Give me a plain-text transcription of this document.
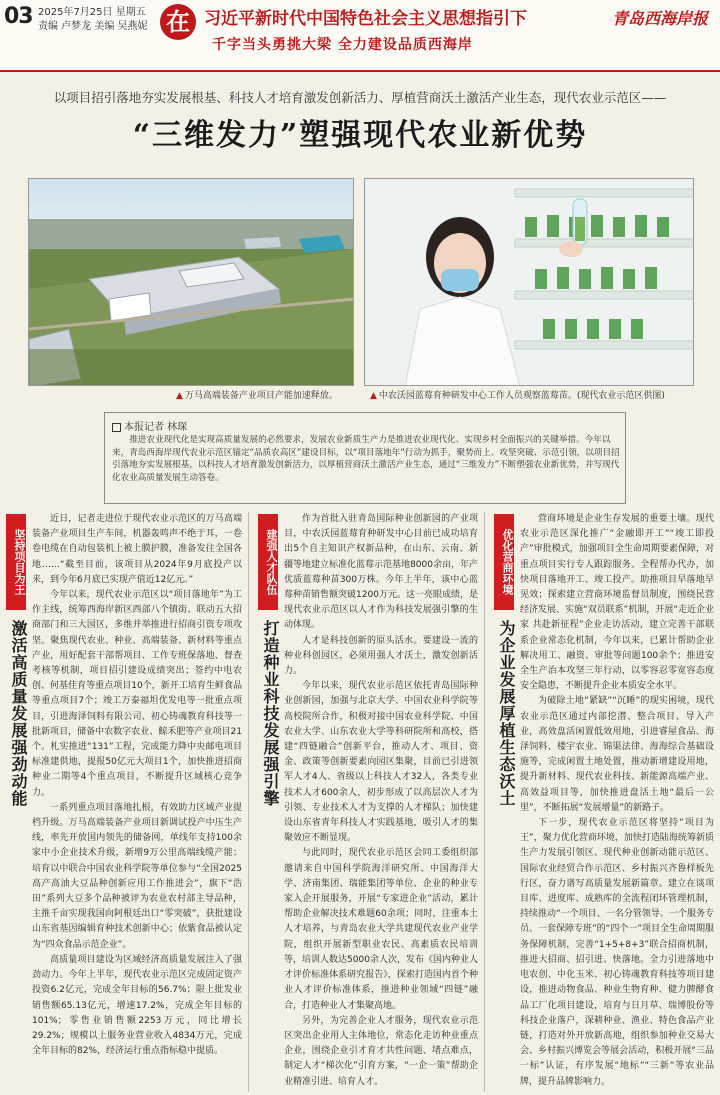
03 2025年7月25日 星期五
责编 卢梦龙 美编 吴燕妮 在 习近平新时代中国特色社会主义思想指引下
千字当头勇挑大梁 全力建设品质西海岸
青岛西海岸报
以项目招引落地夯实发展根基、科技人才培育激发创新活力、厚植营商沃土激活产业生态，现代农业示范区——
“三维发力”塑强现代农业新优势
▲ 万马高端装备产业项目产能加速释放。
▲	中农沃园蓝莓育种研发中心工作人员观察蓝莓苗。(现代农业示范区供图)
本报记者 林琛
推进农业现代化是实现高质量发展的必然要求，发展农业新质生产力是推进农业现代化、实现乡村全面振兴的关键举措。今年以来，青岛西海岸现代农业示范区锚定“品质农高区”建设目标，以“项目落地年”行动为抓手，聚势而上、攻坚突破、示范引领，以项目招引落地夯实发展根基，以科技人才培育激发创新活力，以厚植营商沃土激活产业生态，通过“三维发力”不断塑强农业新优势，并写现代化农业高质量发展生动答卷。
坚持项目为王
激活高质量发展强劲动能

近日，记者走进位于现代农业示范区的万马高端装备产业项目生产车间，机器轰鸣声不绝于耳，一卷卷电缆在自动包装机上被上膜护膜，准备发往全国各地……“截至目前，该项目从2024年9月底投产以来，到今年6月底已实现产值近12亿元。”

今年以来，现代农业示范区以“项目落地年”为工作主线，统筹西海岸新区西部八个镇街、联动五大招商部门和三大园区，多维并举推进行招商引资专项攻坚。聚焦现代农业、种业、高端装备、新材料等重点产业，用好配套干部帮项目、工作专班保落地、督查考核等机制，项目招引建设成绩突出；签约中电农创、何基佳育等重点项目10个，新开工培育生鲜食品等重点项目7个；竣工万泰福坦优发电等一批重点项目，引进海泽饲料有限公司、初心铸魂教育科技等一批新项目，储备中农数字农业、鲸禾肥等产业项目21个。札实推进“131”工程，完成能力降中央邮电项目标准建供地，提报50亿元大项目1个，加快推进招商种业二期等4个重点项目，不断提升区域核心竞争力。

一系列重点项目落地扎根，有效助力区域产业提档升级。万马高端装备产业项目新调试投产中压生产线，率先开放国内领先的储备网，单线年支持100余家中小企业技术升级，新增9万公里高端线缆产能；培育以中联合中国农业科学院等单位参与“全国2025高产高油大豆品种创新应用工作推进会”，旗下“浩田”系列大豆多个品种被评为农业农村部主导品种，主推千亩实现我国向阿根廷出口“零突破”，获批建设山东省基因编辑育种技术创新中心；依紫食品被认定为“四众食品示范企业”。

高质量项目建设为区域经济高质量发展注入了强劲动力。今年上半年，现代农业示范区完成固定资产投资6.2亿元，完成全年目标的56.7%；限上批发业销售额65.13亿元，增速17.2%，完成全年目标的101%；零售业销售额2253万元，同比增长29.2%；规模以上服务业营业收入4834万元，完成全年目标的82%，经济运行重点指标稳中提质。

建强人才队伍
打造种业科技发展强引擎

作为首批入驻青岛国际种业创新园的产业项目，中农沃园蓝莓育种研发中心目前已成功培育出5个自主知识产权新品种，在山东、云南、新疆等地建立标准化蓝莓示范基地8000余亩，年产优质蓝莓种苗300万株。今年上半年，该中心蓝莓种苗销售额突破1200万元。这一亮眼成绩，是现代农业示范区以人才作为科技发展强引擎的生动体现。

人才是科技创新的原头活水。要建设一流的种业科创园区，必须用强人才沃土，激发创新活力。

今年以来，现代农业示范区依托青岛国际种业创新园，加强与北京大学、中国农业科学院等高校院所合作，积极对接中国农业科学院、中国农业大学、山东农业大学等科研院所和高校，搭建“四链融合”创新平台，推动人才、项目、资金、政策等创新要素向园区集聚，目前已引进领军人才4人、省级以上科技人才32人，各类专业技术人才600余人，初步形成了以高层次人才为引领、专业技术人才为支撑的人才梯队；加快建设山东省青年科技人才实践基地，吸引人才的集聚效应不断显现。

与此同时，现代农业示范区会同工委组织部邀请来自中国科学院海洋研究所、中国海洋大学、济南集团、瑞能集团等单位、企业的种业专家入企开展服务，开展“专家进企业”活动，累计帮助企业解决技术难题60余项；同时，注重本土人才培养，与青岛农业大学共建现代农业产业学院，组织开展新型职业农民、高素质农民培训等，培训人数达5000余人次，发布《国内种业人才评价标准体系研究报告》，探索打造国内首个种业人才评价标准体系，推进种业领域“四链”融合，打造种业人才集聚高地。

另外，为完善企业人才服务，现代农业示范区突出企业用人主体地位，常态化走访种业重点企业，围绕企业引才育才共性问题、堵点难点，制定人才“梯次化”引育方案，“一企一策”帮助企业精准引进、培育人才。

优化营商环境
为企业发展厚植生态沃土

营商环境是企业生存发展的重要土壤。现代农业示范区深化推广“金融即开工”“竣工即投产”审批模式，加强项目全生命周期要素保障，对重点项目实行专人跟踪服务、全程帮办代办，加快项目落地开工、竣工投产。助推项目早落地早见效；探索建立营商环境监督员制度，围绕民营经济发展、实施“双员联系”机制，开展“走近企业家 共赴新征程”企业走访活动，建立完善干部联系企业常态化机制，今年以来，已累计帮助企业解决用工、融资、审批等问题100余个；推进安全生产治本攻坚三年行动，以零容忍零宽容态度安全隐患，不断提升企业本质安全水平。

为破除土地“紧缺”“沉睡”的现实困境，现代农业示范区通过内部挖潜、整合项目、导入产业，高效盘活闲置低效用地，引进睿屋食品、海泽饲料、楼宇农业、锦渠法律、海海综合基础设施等，完成闲置土地处置，推动新增建设用地，提升新材料、现代农业科技、新能源高端产业、高效益项目等，加快推进盘活土地“最后一公里”，不断拓展“发展增量”的新路子。

下一步，现代农业示范区将坚持“项目为王”，聚力优化营商环境，加快打造陆海统筹新质生产力发展引领区、现代种业创新动能示范区、国际农业经贸合作示范区、乡村振兴齐鲁样板先行区，奋力谱写高质量发展新篇章。建立在谈项目库、进度库、成熟库的全流程闭环管理机制，持续推动“一个项目、一名分管领导、一个服务专员、一套保障专班”的“四个一”项目全生命周期服务保障机制，完善“1+5+8+3”联合招商机制，推进大招商、招引进、快落地。全力引进落地中电农创、中化玉米、初心铸魂教育科技等项目建设，推进动物食品、种业生物育种、健力脾酵食品工厂化项目建设，培育与日月草、瑞博股份等科技企业落户，深耕种业、渔业、特色食品产业链，打造对外开放新高地，组织参加种业交易大会、乡村振兴博览会等展会活动，积极开展“三品一标”认证，有序发展“地标”“三新”等农业品牌，提升品牌影响力。
